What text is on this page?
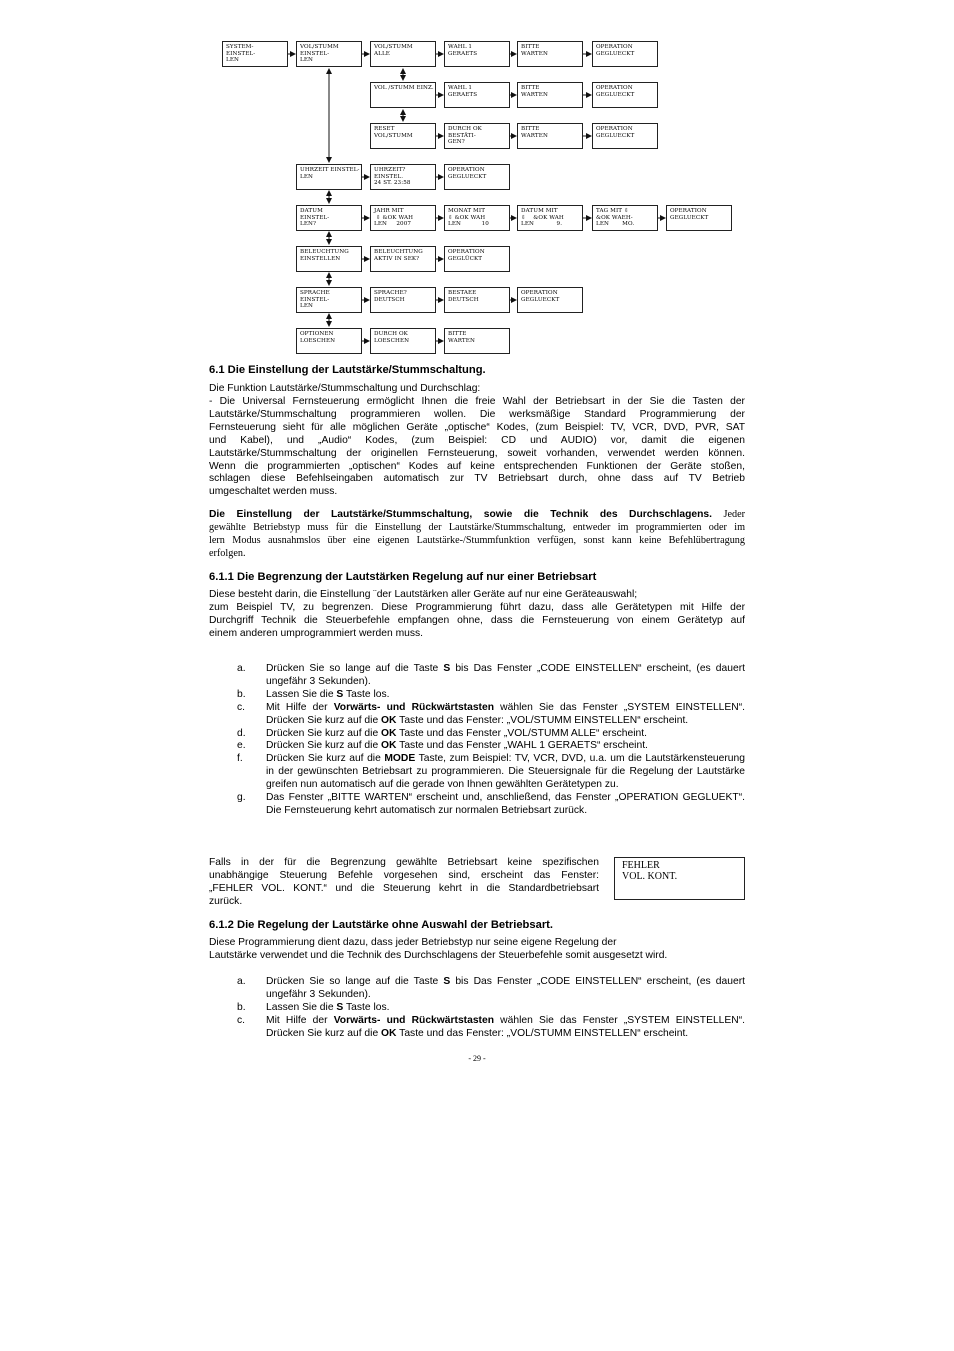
SYSTEM-
EINSTEL-
LEN
VOL/STUMM
EINSTEL-
LEN
VOL/STUMM
ALLE
WAHL 1
GERAETS
BITTE
WARTEN
OPERATION
GEGLUECKT
VOL /STUMM EINZ.	WAHL 1
GERAETS
BITTE
WARTEN
OPERATION
GEGLUECKT
RESET
VOL/STUMM
DURCH OK
BESTÄTI-
GEN?
BITTE
WARTEN
OPERATION
GEGLUECKT
UHRZEIT EINSTEL-
LEN
UHRZEIT?
EINSTEL.
24 ST. 23:58
OPERATION
GEGLUECKT
DATUM
EINSTEL-
LEN?
JAHR MIT
⇳ &OK WAH
LEN     2007
MONAT MIT
⇳ &OK WAH
LEN           10
DATUM MIT
⇳    &OK WAH
LEN            9.
TAG MIT ⇳
&OK WAEH-
LEN       MO.
OPERATION
GEGLUECKT
BELEUCHTUNG
EINSTELLEN
BELEUCHTUNG
AKTIV IN SEK?
OPERATION
GEGLÜCKT
SPRACHE
EINSTEL-
LEN
SPRACHE?
DEUTSCH
BESTAEE
DEUTSCH
OPERATION
GEGLUECKT
OPTIONEN
LOESCHEN
DURCH OK
LOESCHEN
BITTE
WARTEN
6.1 Die Einstellung der Lautstärke/Stummschaltung.

Die Funktion Lautstärke/Stummschaltung und Durchschlag:

- Die Universal Fernsteuerung ermöglicht Ihnen die freie Wahl der Betriebsart in der Sie die Tasten der
Lautstärke/Stummschaltung programmieren wollen. Die werksmäßige Standard Programmierung der
Fernsteuerung sieht für alle möglichen Geräte „optische“ Kodes, (zum Beispiel: TV, VCR, DVD, PVR, SAT
und Kabel), und „Audio“ Kodes, (zum Beispiel: CD und AUDIO) vor, damit die eigenen
Lautstärke/Stummschaltung der originellen Fernsteuerung, soweit vorhanden, verwendet werden können.
Wenn die programmierten „optischen“ Kodes auf keine entsprechenden Funktionen der Geräte stoßen,
schlagen diese Befehlseingaben automatisch zur TV Betriebsart durch, ohne dass auf TV Betrieb
umgeschaltet werden muss.

Die Einstellung der Lautstärke/Stummschaltung, sowie die Technik des Durchschlagens. Jeder
gewählte Betriebstyp muss für die Einstellung der Lautstärke/Stummschaltung, entweder im programmierten oder im
lern Modus ausnahmslos über eine eigenen Lautstärke-/Stummfunktion verfügen, sonst kann keine Befehlübertragung
erfolgen.

6.1.1 Die Begrenzung der Lautstärken Regelung auf nur einer Betriebsart

Diese besteht darin, die Einstellung ¨der Lautstärken aller Geräte auf nur eine Geräteauswahl;
zum Beispiel TV, zu begrenzen. Diese Programmierung führt dazu, dass alle Gerätetypen mit Hilfe der
Durchgriff Technik die Steuerbefehle empfangen ohne, dass die Fernsteuerung von einem Gerätetyp auf
einem anderen umprogrammiert werden muss.

a. Drücken Sie so lange auf die Taste S bis Das Fenster „CODE EINSTELLEN“ erscheint, (es dauert ungefähr 3 Sekunden).
b. Lassen Sie die S Taste los.
c. Mit Hilfe der Vorwärts- und Rückwärtstasten wählen Sie das Fenster „SYSTEM EINSTELLEN“. Drücken Sie kurz auf die OK Taste und das Fenster: „VOL/STUMM EINSTELLEN“ erscheint.
d. Drücken Sie kurz auf die OK Taste und das Fenster „VOL/STUMM ALLE“ erscheint.
e. Drücken Sie kurz auf die OK Taste und das Fenster „WAHL 1 GERAETS“ erscheint.
f. Drücken Sie kurz auf die MODE Taste, zum Beispiel: TV, VCR, DVD, u.a. um die Lautstärkensteuerung in der gewünschten Betriebsart zu programmieren. Die Steuersignale für die Regelung der Lautstärke greifen nun automatisch auf die gerade von Ihnen gewählten Gerätetypen zu.
g. Das Fenster „BITTE WARTEN“ erscheint und, anschließend, das Fenster „OPERATION GEGLUEKT“. Die Fernsteuerung kehrt automatisch zur normalen Betriebsart zurück.

Falls in der für die Begrenzung gewählte Betriebsart keine spezifischen
unabhängige Steuerung Befehle vorgesehen sind, erscheint das Fenster:
„FEHLER VOL. KONT.“ und die Steuerung kehrt in die Standardbetriebsart
zurück.

FEHLER
VOL. KONT.
6.1.2 Die Regelung der Lautstärke ohne Auswahl der Betriebsart.

Diese Programmierung dient dazu, dass jeder Betriebstyp nur seine eigene Regelung der
Lautstärke verwendet und die Technik des Durchschlagens der Steuerbefehle somit ausgesetzt wird.

a. Drücken Sie so lange auf die Taste S bis Das Fenster „CODE EINSTELLEN“ erscheint, (es dauert ungefähr 3 Sekunden).
b. Lassen Sie die S Taste los.
c. Mit Hilfe der Vorwärts- und Rückwärtstasten wählen Sie das Fenster „SYSTEM EINSTELLEN“. Drücken Sie kurz auf die OK Taste und das Fenster: „VOL/STUMM EINSTELLEN“ erscheint.
- 29 -
